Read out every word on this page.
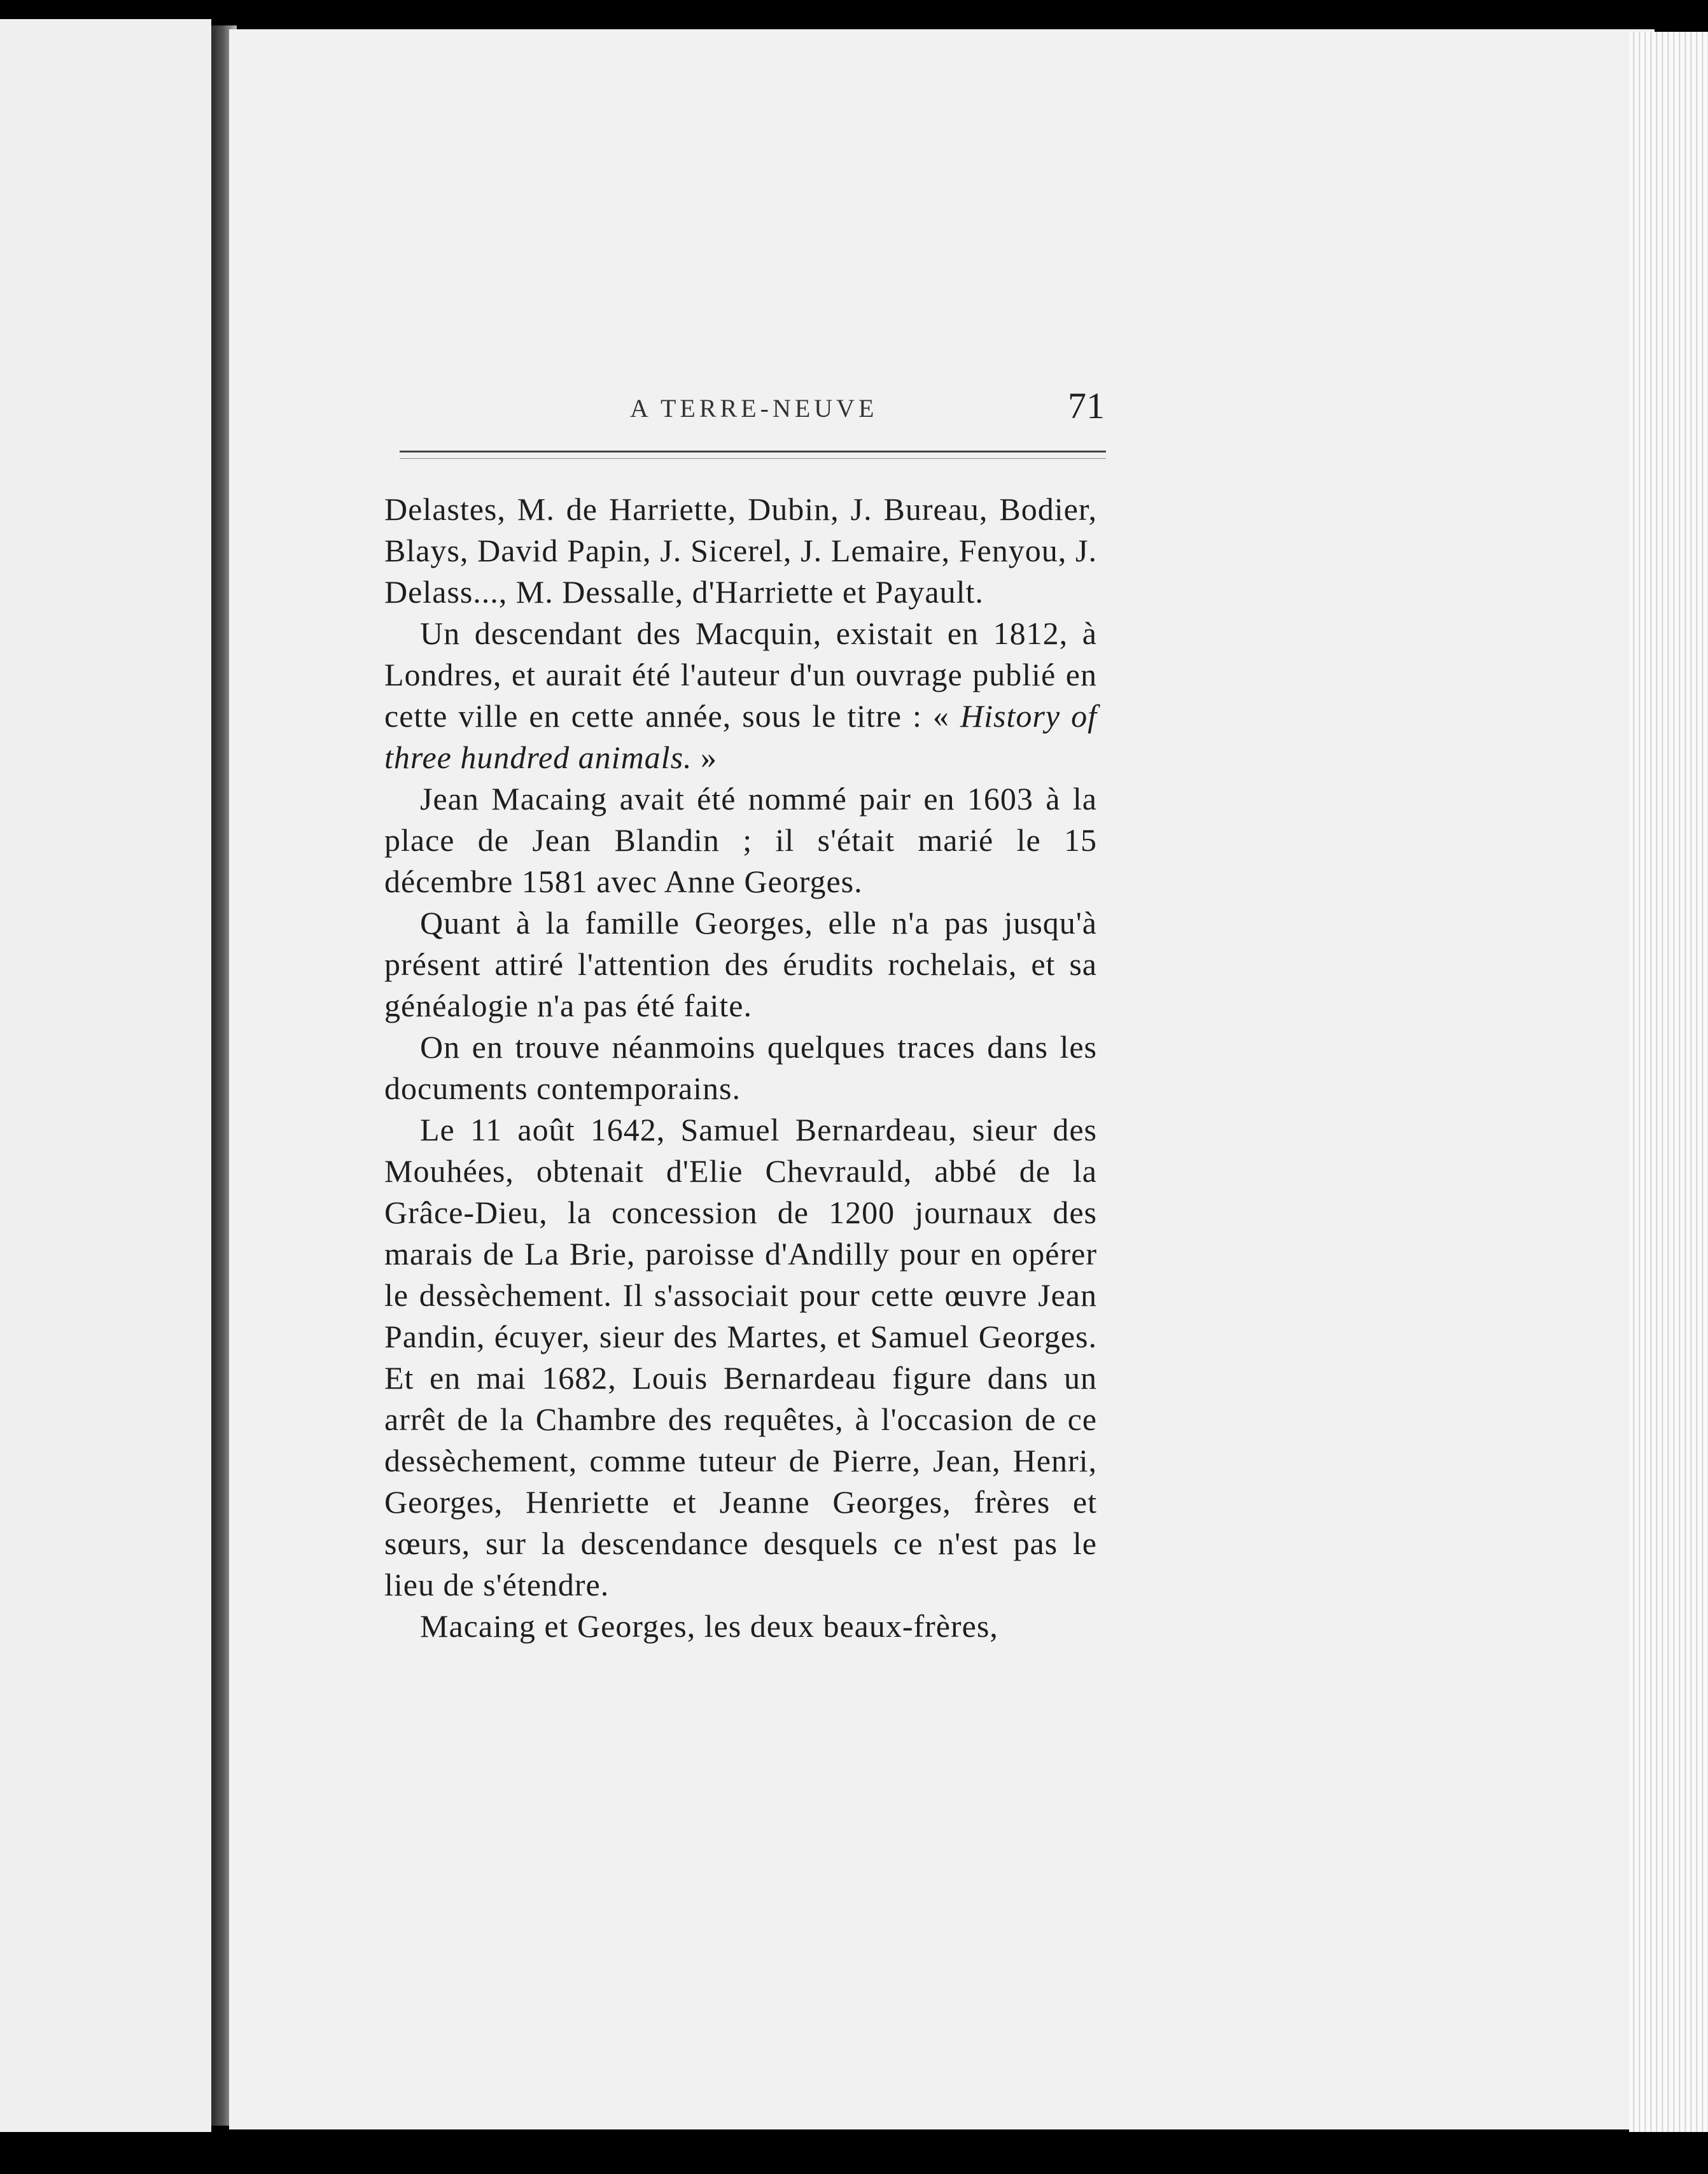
A TERRE-NEUVE	71

Delastes, M. de Harriette, Dubin, J. Bureau, Bodier, Blays, David Papin, J. Sicerel, J. Lemaire, Fenyou, J. Delass..., M. Dessalle, d'Harriette et Payault.

Un descendant des Macquin, existait en 1812, à Londres, et aurait été l'auteur d'un ouvrage publié en cette ville en cette année, sous le titre : « History of three hundred animals. »

Jean Macaing avait été nommé pair en 1603 à la place de Jean Blandin ; il s'était marié le 15 décembre 1581 avec Anne Georges.

Quant à la famille Georges, elle n'a pas jusqu'à présent attiré l'attention des érudits rochelais, et sa généalogie n'a pas été faite.

On en trouve néanmoins quelques traces dans les documents contemporains.

Le 11 août 1642, Samuel Bernardeau, sieur des Mouhées, obtenait d'Elie Chevrauld, abbé de la Grâce-Dieu, la concession de 1200 journaux des marais de La Brie, paroisse d'Andilly pour en opérer le dessèchement. Il s'associait pour cette œuvre Jean Pandin, écuyer, sieur des Martes, et Samuel Georges. Et en mai 1682, Louis Bernardeau figure dans un arrêt de la Chambre des requêtes, à l'occasion de ce dessèchement, comme tuteur de Pierre, Jean, Henri, Georges, Henriette et Jeanne Georges, frères et sœurs, sur la descendance desquels ce n'est pas le lieu de s'étendre.

Macaing et Georges, les deux beaux-frères,
